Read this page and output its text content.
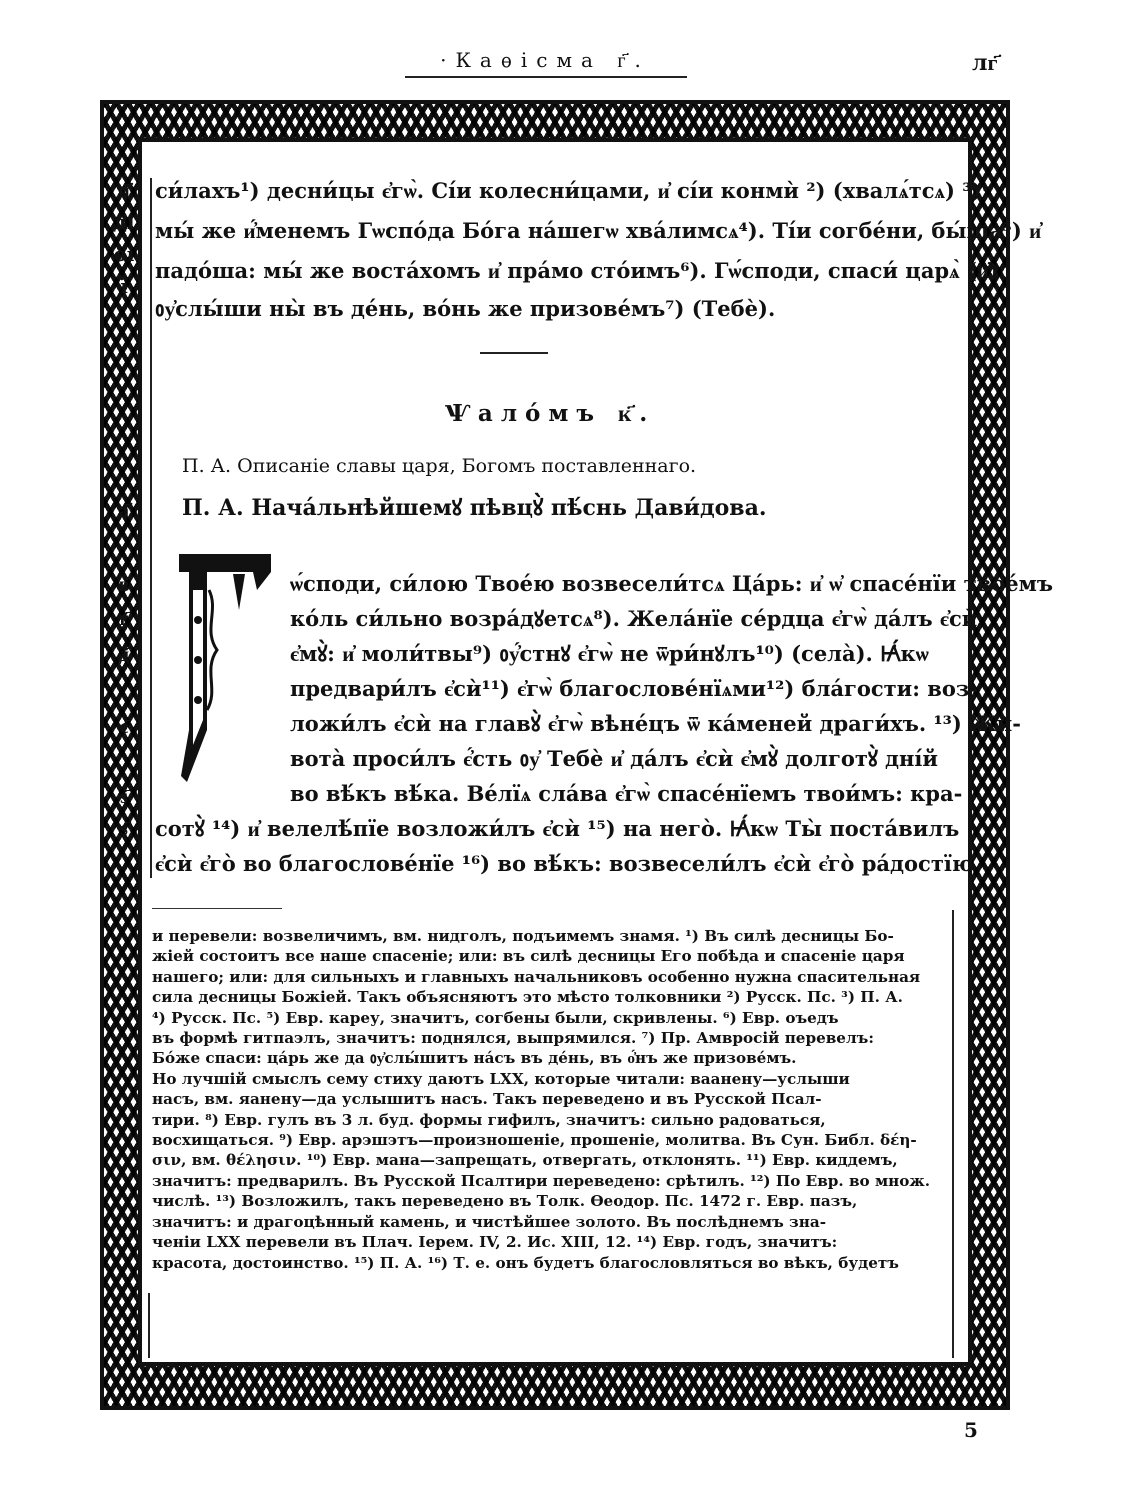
·Каѳісма г҃.	лг҃
и҃
ді
ѳі
ї
а҃
в҃
г҃
д҃
є҃
ѕ҃
ѕ҃
си́лахъ¹) десни́цы є҆гѡ̀. Сі́и колесни́цами, и҆ сі́и конмѝ ²) (хвалѧ́тсѧ) ³):
мы́ же и҆́менемъ Гѡспо́да Бо́га на́шегѡ хва́лимсѧ⁴). Ті́и согбе́ни, бы́ша⁵) и҆
падо́ша: мы́ же воста́хомъ и҆ пра́мо сто́имъ⁶). Гѡ́споди, спаси́ царѧ̀ (и҆)
ᲂу҆слы́ши ны̀ въ де́нь, во́нь же призове́мъ⁷) (Тебѐ).
Ѱало́мъ к҃.
П. А. Описаніе славы царя, Богомъ поставленнаго.
П. А. Нача́льнѣйшемꙋ пѣвцꙋ̀ пѣ́снь Дави́дова.
Г
ѡ́споди, си́лою Твое́ю возвесели́тсѧ Ца́рь: и҆ ѡ҆ спасе́нїи твое́мъ
ко́ль си́льно возра́дꙋетсѧ⁸). Жела́нїе се́рдца є҆гѡ̀ да́лъ є҆сѝ
є҆мꙋ̀: и҆ моли́твы⁹) ᲂу҆́стнꙋ є҆гѡ̀ не ѿри́нꙋлъ¹⁰) (села̀). Ꙗ҆́кѡ
предвари́лъ є҆сѝ¹¹) є҆гѡ̀ благослове́нїѧми¹²) бла́гости: воз-
ложи́лъ є҆сѝ на главꙋ̀ є҆гѡ̀ вѣне́цъ ѿ ка́меней драги́хъ. ¹³) Жи-
вота̀ проси́лъ є҆́сть ᲂу҆ Тебѐ и҆ да́лъ є҆сѝ є҆мꙋ̀ долготꙋ̀ дні́й
во вѣ́къ вѣ́ка. Ве́лїѧ сла́ва є҆гѡ̀ спасе́нїемъ твои́мъ: кра-
сотꙋ̀ ¹⁴) и҆ велелѣ́пїе возложи́лъ є҆сѝ ¹⁵) на него̀. Ꙗ҆́кѡ Ты̀ поста́вилъ
є҆сѝ є҆го̀ во благослове́нїе ¹⁶) во вѣ́къ: возвесели́лъ є҆сѝ є҆го̀ ра́достїю
и перевели: возвеличимъ, вм. нидголъ, подъимемъ знамя. ¹) Въ силѣ десницы Бо-
жіей состоитъ все наше спасеніе; или: въ силѣ десницы Его побѣда и спасеніе царя
нашего; или: для сильныхъ и главныхъ начальниковъ особенно нужна спасительная
сила десницы Божіей. Такъ объясняютъ это мѣсто толковники ²) Русск. Пс. ³) П. А.
⁴) Русск. Пс. ⁵) Евр. кареу, значитъ, согбены были, скривлены. ⁶) Евр. оъедъ
въ формѣ гитпаэлъ, значитъ: поднялся, выпрямился. ⁷) Пр. Амвросій перевелъ:
Бо́же спаси: ца́рь же да ᲂу҆слы́шитъ на́съ въ де́нь, въ о҆́нъ же призове́мъ.
Но лучшій смыслъ сему стиху даютъ LXX, которые читали: ваанену—услыши
насъ, вм. яанену—да услышитъ насъ. Такъ переведено и въ Русской Псал-
тири. ⁸) Евр. гулъ въ 3 л. буд. формы гифилъ, значитъ: сильно радоваться,
восхищаться. ⁹) Евр. арэшэтъ—произношеніе, прошеніе, молитва. Въ Сун. Библ. δέη-
σιν, вм. θέλησιν. ¹⁰) Евр. мана—запрещать, отвергать, отклонять. ¹¹) Евр. киддемъ,
значитъ: предварилъ. Въ Русской Псалтири переведено: срѣтилъ. ¹²) По Евр. во множ.
числѣ. ¹³) Возложилъ, такъ переведено въ Толк. Ѳеодор. Пс. 1472 г. Евр. пазъ,
значитъ: и драгоцѣнный камень, и чистѣйшее золото. Въ послѣднемъ зна-
ченіи LXX перевели въ Плач. Іерем. IV, 2. Ис. XIII, 12. ¹⁴) Евр. годъ, значитъ:
красота, достоинство. ¹⁵) П. А. ¹⁶) Т. е. онъ будетъ благословляться во вѣкъ, будетъ
5
